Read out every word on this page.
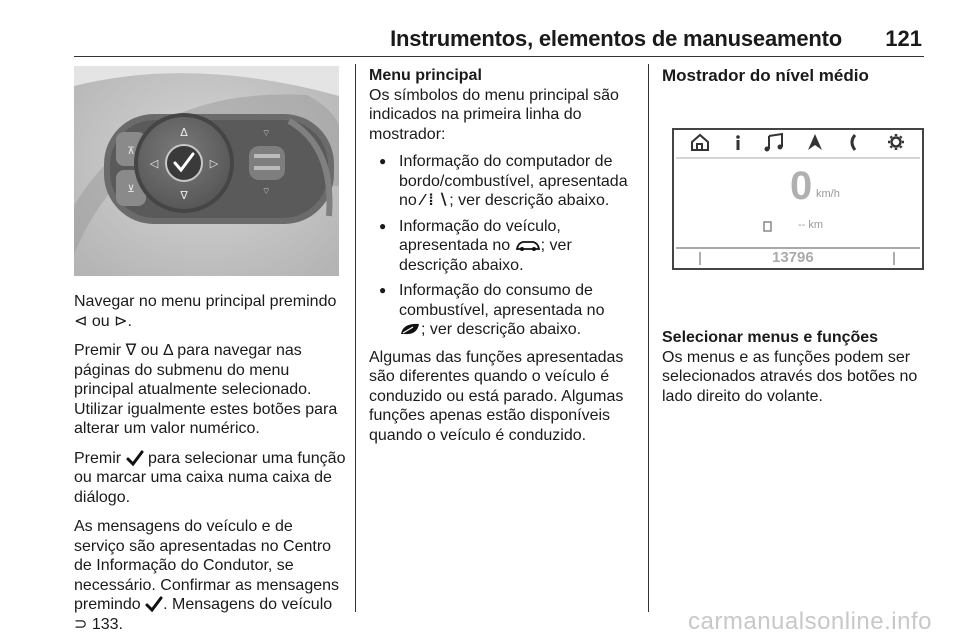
Instrumentos, elementos de manuseamento 121
⊼
⊻
Δ
∇
◁	▷
⌔
⌔

Navegar no menu principal premindo ⊲ ou ⊳.

Premir ∇ ou Δ para navegar nas páginas do submenu do menu principal atualmente selecionado. Utilizar igualmente estes botões para alterar um valor numérico.

Premir para selecionar uma função ou marcar uma caixa numa caixa de diálogo.

As mensagens do veículo e de serviço são apresentadas no Centro de Informação do Condutor, se necessário. Confirmar as mensagens premindo . Mensagens do veículo
⊃ 133.

Menu principal

Os símbolos do menu principal são indicados na primeira linha do mostrador:

● Informação do computador de bordo/combustível, apresentada no ⁄ ⁞ ∖; ver descrição abaixo.
● Informação do veículo, apresentada no ; ver descrição abaixo.
● Informação do consumo de combustível, apresentada no
; ver descrição abaixo.

Algumas das funções apresentadas são diferentes quando o veículo é conduzido ou está parado. Algumas funções apenas estão disponíveis quando o veículo é conduzido.

Mostrador do nível médio
0 km/h
-- km
13796
Selecionar menus e funções

Os menus e as funções podem ser selecionados através dos botões no lado direito do volante.

carmanualsonline.info
